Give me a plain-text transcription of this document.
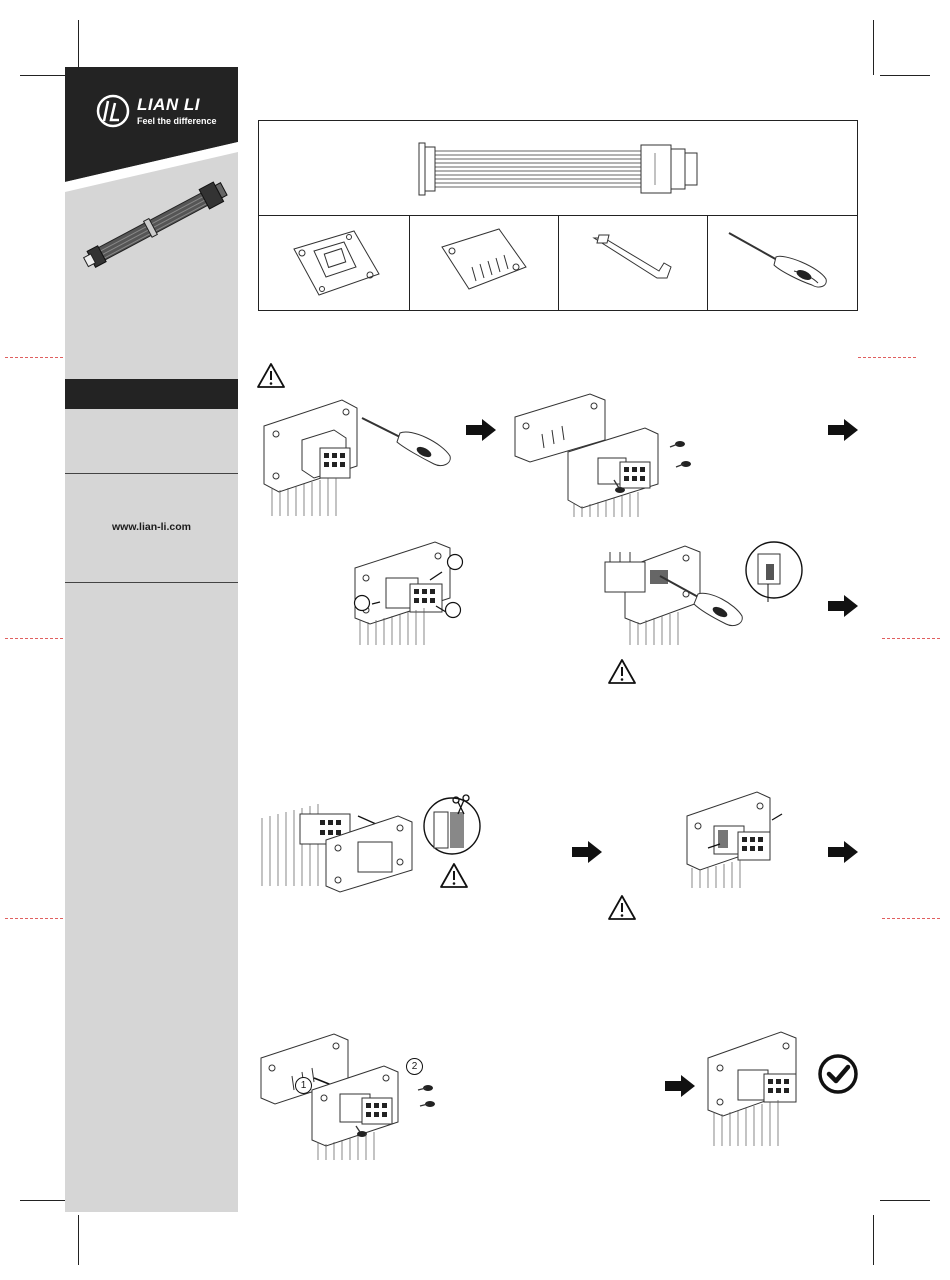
LIAN LI
Feel the difference
www.lian-li.com
1
2
